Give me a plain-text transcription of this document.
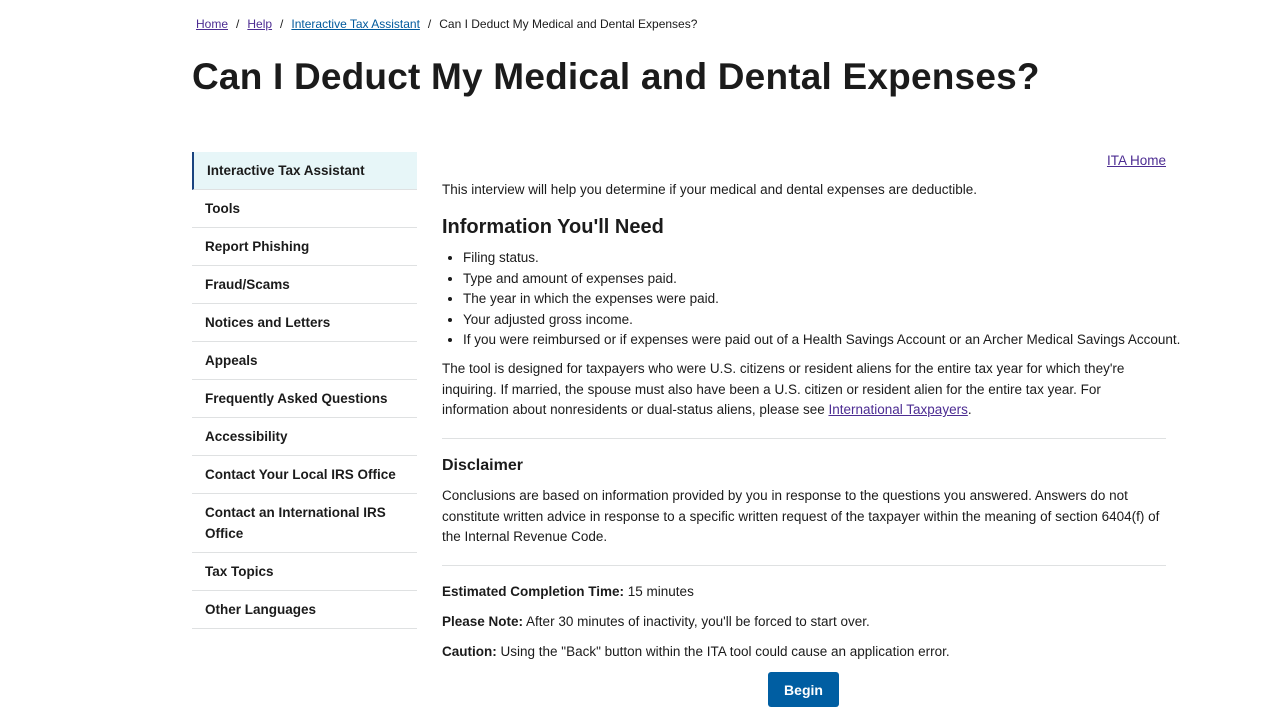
Home / Help / Interactive Tax Assistant / Can I Deduct My Medical and Dental Expenses?
Can I Deduct My Medical and Dental Expenses?
Interactive Tax Assistant
Tools
Report Phishing
Fraud/Scams
Notices and Letters
Appeals
Frequently Asked Questions
Accessibility
Contact Your Local IRS Office
Contact an International IRS Office
Tax Topics
Other Languages
ITA Home

This interview will help you determine if your medical and dental expenses are deductible.

Information You'll Need
• Filing status.
• Type and amount of expenses paid.
• The year in which the expenses were paid.
• Your adjusted gross income.
• If you were reimbursed or if expenses were paid out of a Health Savings Account or an Archer Medical Savings Account.

The tool is designed for taxpayers who were U.S. citizens or resident aliens for the entire tax year for which they're inquiring. If married, the spouse must also have been a U.S. citizen or resident alien for the entire tax year. For information about nonresidents or dual-status aliens, please see International Taxpayers.

Disclaimer

Conclusions are based on information provided by you in response to the questions you answered. Answers do not constitute written advice in response to a specific written request of the taxpayer within the meaning of section 6404(f) of the Internal Revenue Code.

Estimated Completion Time: 15 minutes

Please Note: After 30 minutes of inactivity, you'll be forced to start over.

Caution: Using the "Back" button within the ITA tool could cause an application error.

Begin
